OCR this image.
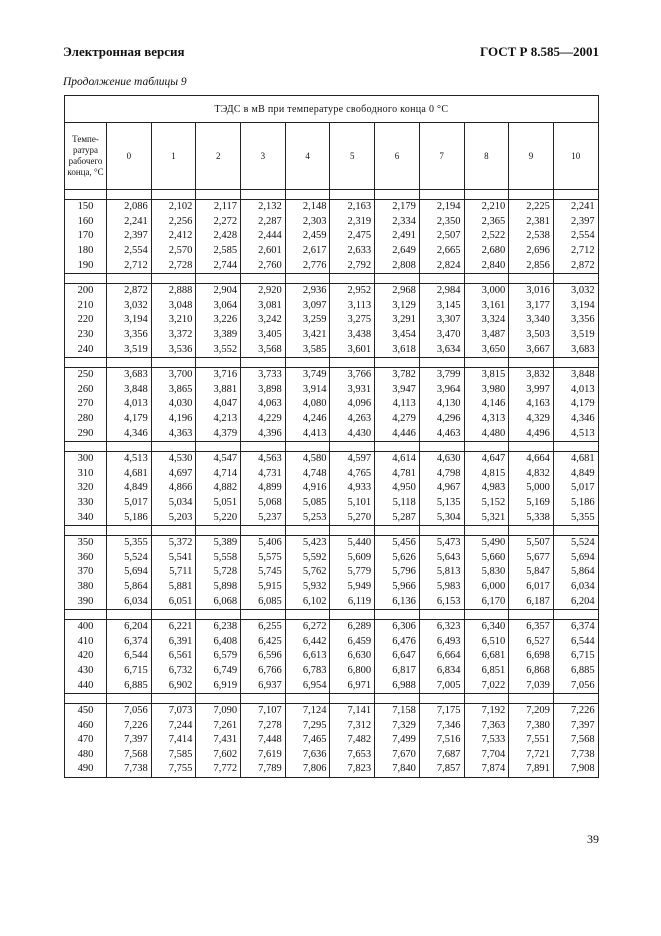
Электронная версия	ГОСТ Р 8.585—2001
Продолжение таблицы 9
ТЭДС в мВ при температуре свободного конца 0 °С											
Темпе-ратура рабочего конца, °С	0	1	2	3	4	5	6	7	8	9	10

150	2,086	2,102	2,117	2,132	2,148	2,163	2,179	2,194	2,210	2,225	2,241
160	2,241	2,256	2,272	2,287	2,303	2,319	2,334	2,350	2,365	2,381	2,397
170	2,397	2,412	2,428	2,444	2,459	2,475	2,491	2,507	2,522	2,538	2,554
180	2,554	2,570	2,585	2,601	2,617	2,633	2,649	2,665	2,680	2,696	2,712
190	2,712	2,728	2,744	2,760	2,776	2,792	2,808	2,824	2,840	2,856	2,872

200	2,872	2,888	2,904	2,920	2,936	2,952	2,968	2,984	3,000	3,016	3,032
210	3,032	3,048	3,064	3,081	3,097	3,113	3,129	3,145	3,161	3,177	3,194
220	3,194	3,210	3,226	3,242	3,259	3,275	3,291	3,307	3,324	3,340	3,356
230	3,356	3,372	3,389	3,405	3,421	3,438	3,454	3,470	3,487	3,503	3,519
240	3,519	3,536	3,552	3,568	3,585	3,601	3,618	3,634	3,650	3,667	3,683

250	3,683	3,700	3,716	3,733	3,749	3,766	3,782	3,799	3,815	3,832	3,848
260	3,848	3,865	3,881	3,898	3,914	3,931	3,947	3,964	3,980	3,997	4,013
270	4,013	4,030	4,047	4,063	4,080	4,096	4,113	4,130	4,146	4,163	4,179
280	4,179	4,196	4,213	4,229	4,246	4,263	4,279	4,296	4,313	4,329	4,346
290	4,346	4,363	4,379	4,396	4,413	4,430	4,446	4,463	4,480	4,496	4,513

300	4,513	4,530	4,547	4,563	4,580	4,597	4,614	4,630	4,647	4,664	4,681
310	4,681	4,697	4,714	4,731	4,748	4,765	4,781	4,798	4,815	4,832	4,849
320	4,849	4,866	4,882	4,899	4,916	4,933	4,950	4,967	4,983	5,000	5,017
330	5,017	5,034	5,051	5,068	5,085	5,101	5,118	5,135	5,152	5,169	5,186
340	5,186	5,203	5,220	5,237	5,253	5,270	5,287	5,304	5,321	5,338	5,355

350	5,355	5,372	5,389	5,406	5,423	5,440	5,456	5,473	5,490	5,507	5,524
360	5,524	5,541	5,558	5,575	5,592	5,609	5,626	5,643	5,660	5,677	5,694
370	5,694	5,711	5,728	5,745	5,762	5,779	5,796	5,813	5,830	5,847	5,864
380	5,864	5,881	5,898	5,915	5,932	5,949	5,966	5,983	6,000	6,017	6,034
390	6,034	6,051	6,068	6,085	6,102	6,119	6,136	6,153	6,170	6,187	6,204

400	6,204	6,221	6,238	6,255	6,272	6,289	6,306	6,323	6,340	6,357	6,374
410	6,374	6,391	6,408	6,425	6,442	6,459	6,476	6,493	6,510	6,527	6,544
420	6,544	6,561	6,579	6,596	6,613	6,630	6,647	6,664	6,681	6,698	6,715
430	6,715	6,732	6,749	6,766	6,783	6,800	6,817	6,834	6,851	6,868	6,885
440	6,885	6,902	6,919	6,937	6,954	6,971	6,988	7,005	7,022	7,039	7,056

450	7,056	7,073	7,090	7,107	7,124	7,141	7,158	7,175	7,192	7,209	7,226
460	7,226	7,244	7,261	7,278	7,295	7,312	7,329	7,346	7,363	7,380	7,397
470	7,397	7,414	7,431	7,448	7,465	7,482	7,499	7,516	7,533	7,551	7,568
480	7,568	7,585	7,602	7,619	7,636	7,653	7,670	7,687	7,704	7,721	7,738
490	7,738	7,755	7,772	7,789	7,806	7,823	7,840	7,857	7,874	7,891	7,908
39
